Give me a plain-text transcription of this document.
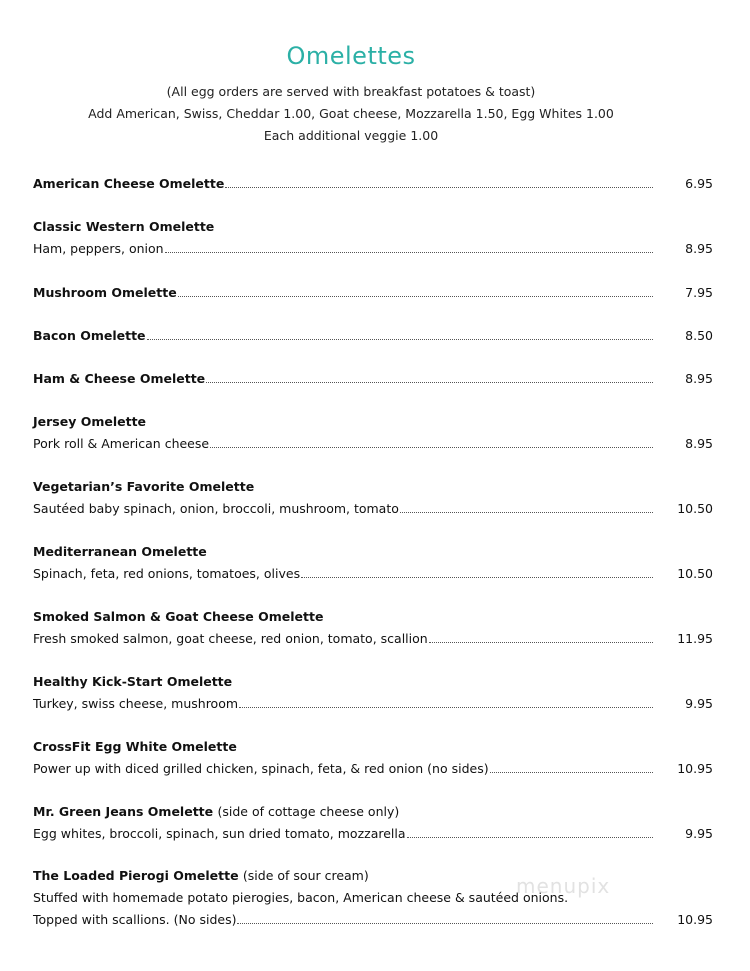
Omelettes
(All egg orders are served with breakfast potatoes & toast)
Add American, Swiss, Cheddar 1.00, Goat cheese, Mozzarella 1.50, Egg Whites 1.00
Each additional veggie 1.00
American Cheese Omelette	6.95
Classic Western Omelette
Ham, peppers, onion	8.95
Mushroom Omelette	7.95
Bacon Omelette	8.50
Ham & Cheese Omelette	8.95
Jersey Omelette
Pork roll & American cheese	8.95
Vegetarian’s Favorite Omelette
Sautéed baby spinach, onion, broccoli, mushroom, tomato	10.50
Mediterranean Omelette
Spinach, feta, red onions, tomatoes, olives	10.50
Smoked Salmon & Goat Cheese Omelette
Fresh smoked salmon, goat cheese, red onion, tomato, scallion	11.95
Healthy Kick-Start Omelette
Turkey, swiss cheese, mushroom	9.95
CrossFit Egg White Omelette
Power up with diced grilled chicken, spinach, feta, & red onion (no sides)	10.95
Mr. Green Jeans Omelette (side of cottage cheese only)
Egg whites, broccoli, spinach, sun dried tomato, mozzarella	9.95
The Loaded Pierogi Omelette (side of sour cream)
Stuffed with homemade potato pierogies, bacon, American cheese & sautéed onions.
Topped with scallions. (No sides)	10.95
menupix
